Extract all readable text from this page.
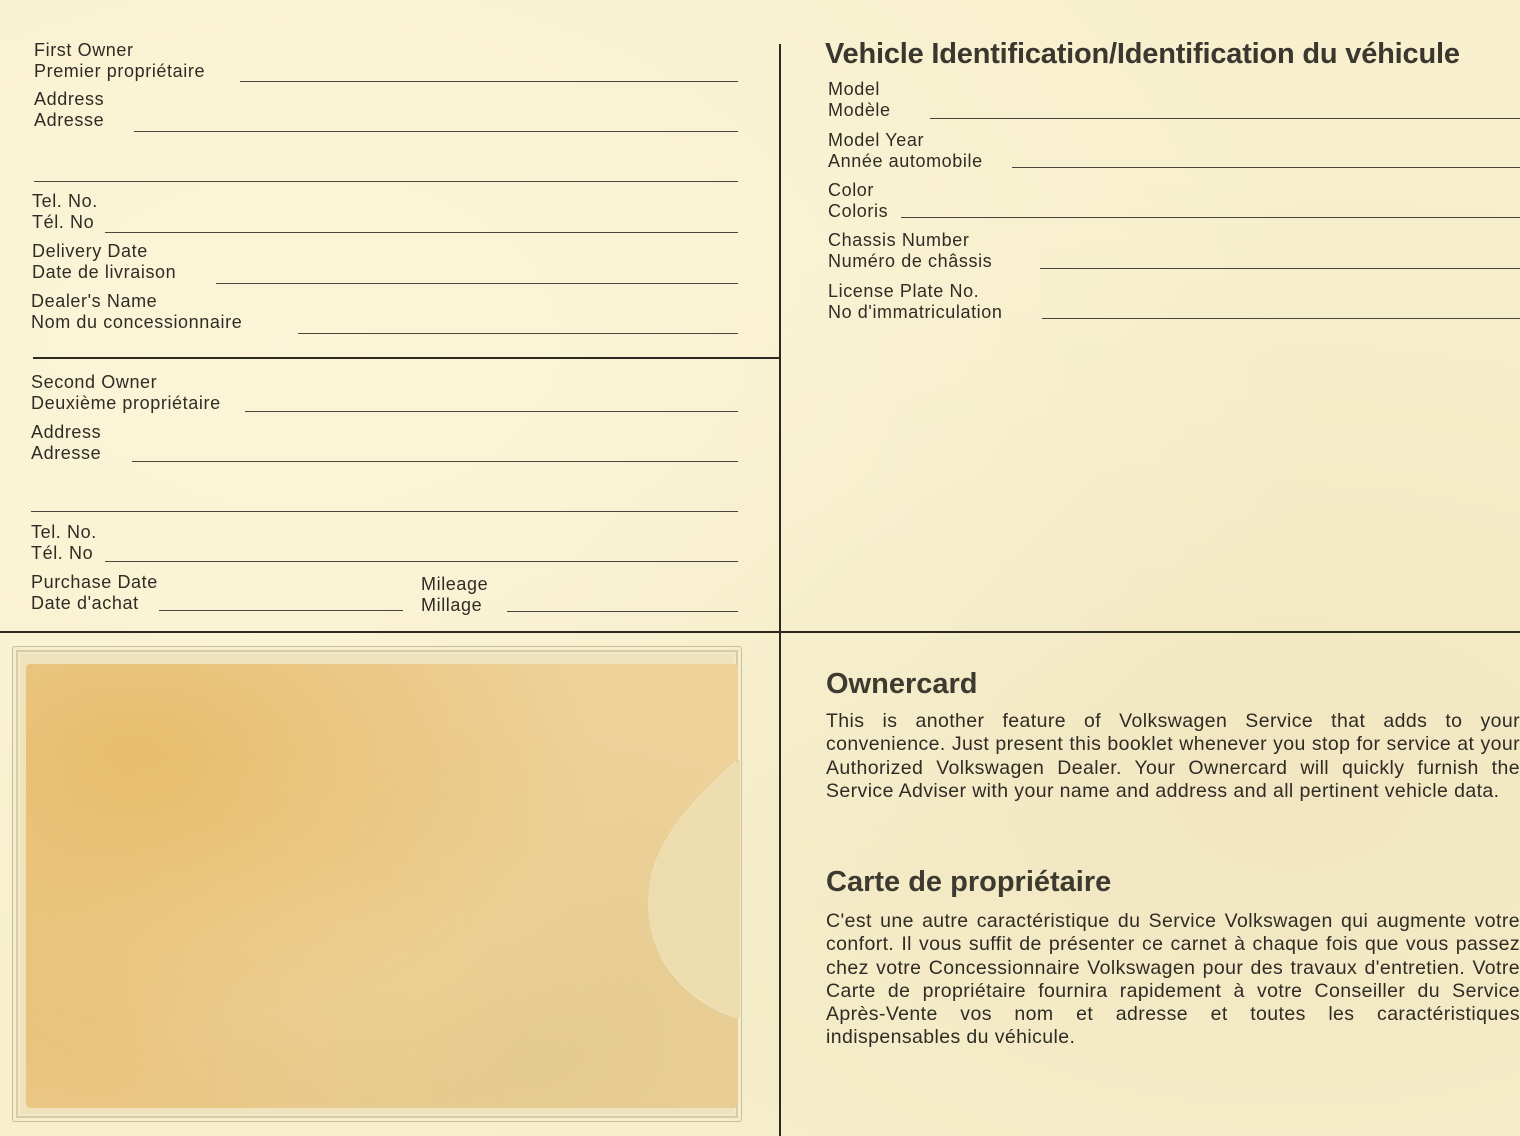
First Owner
Premier propriétaire
Address
Adresse
Tel. No.
Tél. No
Delivery Date
Date de livraison
Dealer's Name
Nom du concessionnaire
Second Owner
Deuxième propriétaire
Address
Adresse
Tel. No.
Tél. No
Purchase Date
Date d'achat
Mileage
Millage
Vehicle Identification/Identification du véhicule
Model
Modèle
Model Year
Année automobile
Color
Coloris
Chassis Number
Numéro de châssis
License Plate No.
No d'immatriculation
Ownercard
This is another feature of Volkswagen Service that adds to your convenience. Just present this booklet whenever you stop for service at your Authorized Volkswagen Dealer. Your Ownercard will quickly furnish the Service Adviser with your name and address and all pertinent vehicle data.
Carte de propriétaire
C'est une autre caractéristique du Service Volkswagen qui augmente votre confort. Il vous suffit de présenter ce carnet à chaque fois que vous passez chez votre Concessionnaire Volkswagen pour des travaux d'entretien. Votre Carte de propriétaire fournira rapidement à votre Conseiller du Service Après-Vente vos nom et adresse et toutes les caractéristiques indispensables du véhicule.
